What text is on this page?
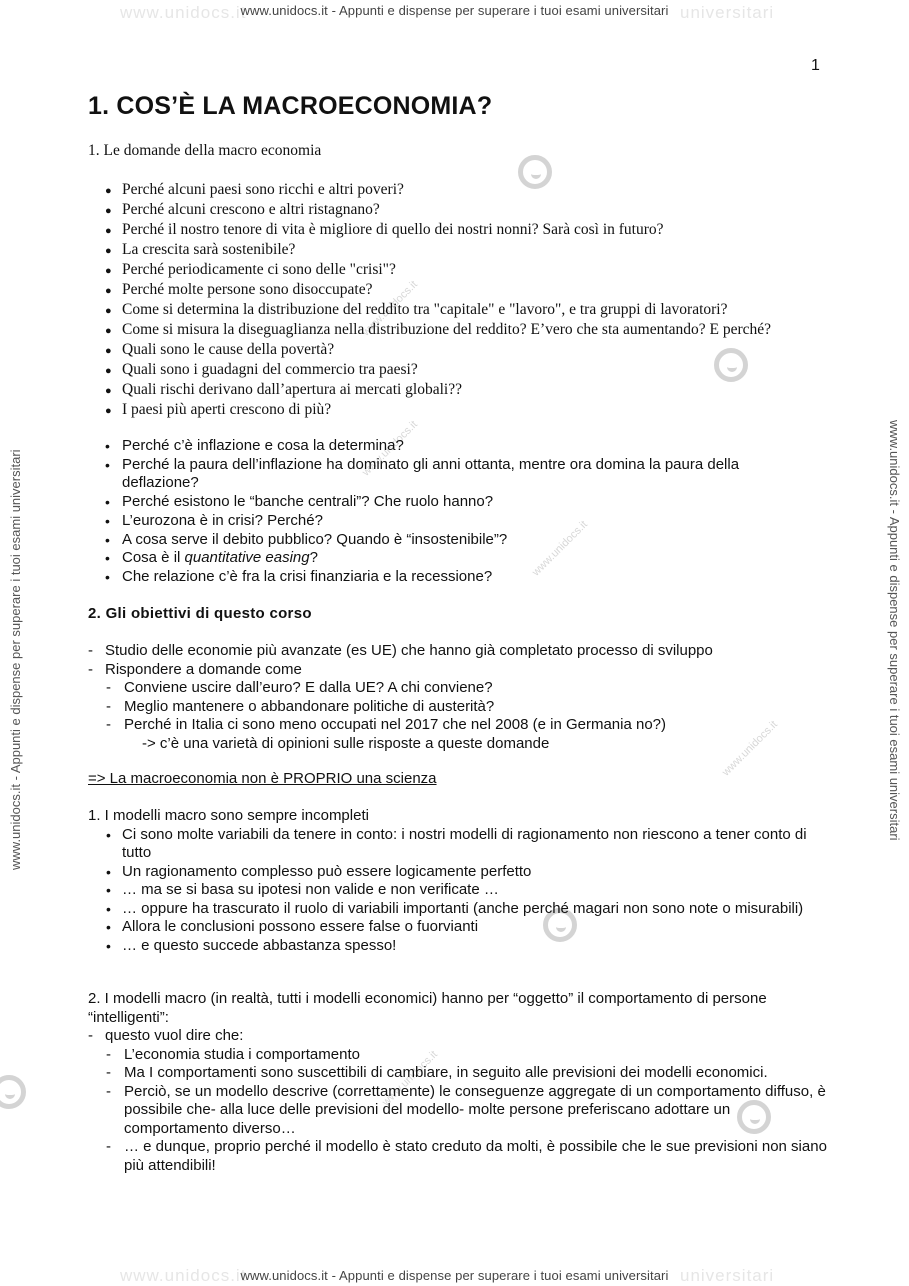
www.unidocs.it	universitari
www.unidocs.it - Appunti e dispense per superare i tuoi esami universitari
www.unidocs.it	universitari
www.unidocs.it - Appunti e dispense per superare i tuoi esami universitari
www.unidocs.it - Appunti e dispense per superare i tuoi esami universitari	www.unidocs.it - Appunti e dispense per superare i tuoi esami universitari
www.unidocs.it
www.unidocs.it
www.unidocs.it
www.unidocs.it
www.unidocs.it
1
1. COS’È LA MACROECONOMIA?
1. Le domande della macro economia
● Perché alcuni paesi sono ricchi e altri poveri?
● Perché alcuni crescono e altri ristagnano?
● Perché il nostro tenore di vita è migliore di quello dei nostri nonni? Sarà così in futuro?
● La crescita sarà sostenibile?
● Perché periodicamente ci sono delle "crisi"?
● Perché molte persone sono disoccupate?
● Come si determina la distribuzione del reddito tra "capitale" e "lavoro", e tra gruppi di lavoratori?
● Come si misura la diseguaglianza nella distribuzione del reddito? E’vero che sta aumentando? E perché?
● Quali sono le cause della povertà?
● Quali sono i guadagni del commercio tra paesi?
● Quali rischi derivano dall’apertura ai mercati globali??
● I paesi più aperti crescono di più?
• Perché c’è inflazione e cosa la determina?
• Perché la paura dell’inflazione ha dominato gli anni ottanta, mentre ora domina la paura della deflazione?
• Perché esistono le “banche centrali”? Che ruolo hanno?
• L’eurozona è in crisi? Perché?
• A cosa serve il debito pubblico? Quando è “insostenibile”?
• Cosa è il quantitative easing?
• Che relazione c’è fra la crisi finanziaria e la recessione?
2. Gli obiettivi di questo corso
- Studio delle economie più avanzate (es UE) che hanno già completato processo di sviluppo
- Rispondere a domande come
- Conviene uscire dall’euro? E dalla UE? A chi conviene?
- Meglio mantenere o abbandonare politiche di austerità?
- Perché in Italia ci sono meno occupati nel 2017 che nel 2008 (e in Germania no?)
-> c’è una varietà di opinioni sulle risposte a queste domande
=> La macroeconomia non è PROPRIO una scienza
1. I modelli macro sono sempre incompleti
• Ci sono molte variabili da tenere in conto: i nostri modelli di ragionamento non riescono a tener conto di tutto
• Un ragionamento complesso può essere logicamente perfetto
• … ma se si basa su ipotesi non valide e non verificate …
• … oppure ha trascurato il ruolo di variabili importanti (anche perché magari non sono note o misurabili)
• Allora le conclusioni possono essere false o fuorvianti
• … e questo succede abbastanza spesso!
2. I modelli macro (in realtà, tutti i modelli economici) hanno per “oggetto” il comportamento di persone “intelligenti”:
- questo vuol dire che:
- L’economia studia i comportamento
- Ma I comportamenti sono suscettibili di cambiare, in seguito alle previsioni dei modelli economici.
- Perciò, se un modello descrive (correttamente) le conseguenze aggregate di un comportamento diffuso, è possibile che- alla luce delle previsioni del modello- molte persone preferiscano adottare un comportamento diverso…
- … e dunque, proprio perché il modello è stato creduto da molti, è possibile che le sue previsioni non siano più attendibili!
